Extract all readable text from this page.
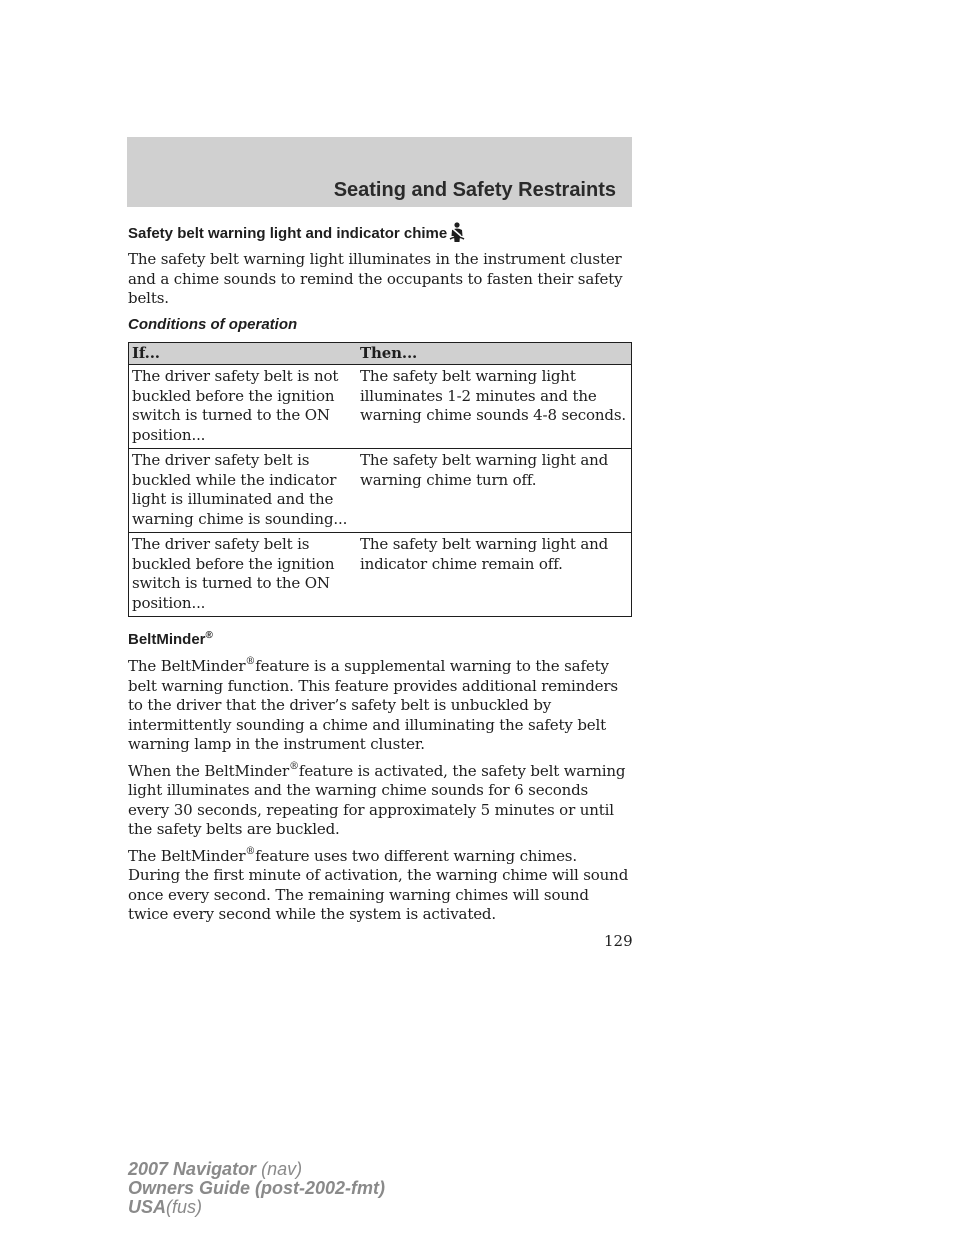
Seating and Safety Restraints
Safety belt warning light and indicator chime

The safety belt warning light illuminates in the instrument cluster and a chime sounds to remind the occupants to fasten their safety belts.

Conditions of operation
If...	Then...
The driver safety belt is not buckled before the ignition switch is turned to the ON position...	The safety belt warning light illuminates 1-2 minutes and the warning chime sounds 4-8 seconds.
The driver safety belt is buckled while the indicator light is illuminated and the warning chime is sounding...	The safety belt warning light and warning chime turn off.
The driver safety belt is buckled before the ignition switch is turned to the ON position...	The safety belt warning light and indicator chime remain off.
BeltMinder®

The BeltMinder®feature is a supplemental warning to the safety belt warning function. This feature provides additional reminders to the driver that the driver’s safety belt is unbuckled by intermittently sounding a chime and illuminating the safety belt warning lamp in the instrument cluster.

When the BeltMinder®feature is activated, the safety belt warning light illuminates and the warning chime sounds for 6 seconds every 30 seconds, repeating for approximately 5 minutes or until the safety belts are buckled.

The BeltMinder®feature uses two different warning chimes. During the first minute of activation, the warning chime will sound once every second. The remaining warning chimes will sound twice every second while the system is activated.

129
2007 Navigator (nav)
Owners Guide (post-2002-fmt)
USA(fus)
